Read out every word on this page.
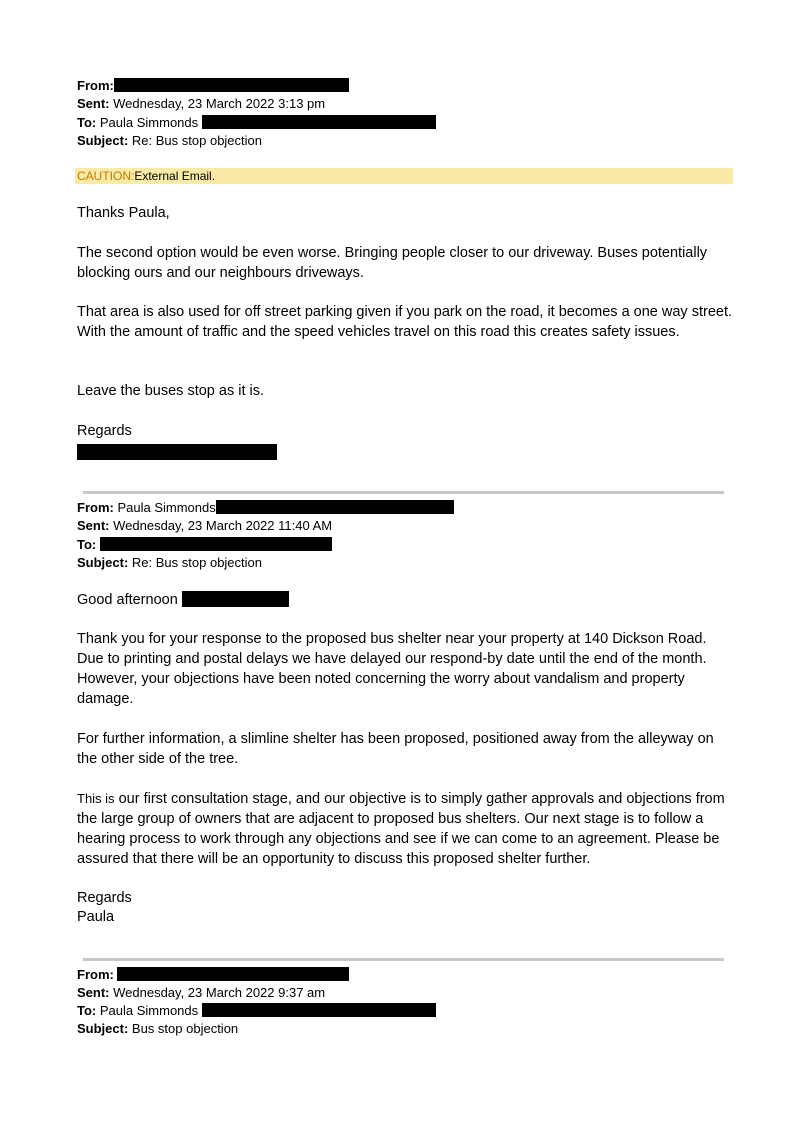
From:
Sent: Wednesday, 23 March 2022 3:13 pm
To: Paula Simmonds
Subject: Re: Bus stop objection
CAUTION:External Email.
Thanks Paula,
The second option would be even worse. Bringing people closer to our driveway. Buses potentially blocking ours and our neighbours driveways.
That area is also used for off street parking given if you park on the road, it becomes a one way street. With the amount of traffic and the speed vehicles travel on this road this creates safety issues.
Leave the buses stop as it is.
Regards
From: Paula Simmonds
Sent: Wednesday, 23 March 2022 11:40 AM
To:
Subject: Re: Bus stop objection
Good afternoon
Thank you for your response to the proposed bus shelter near your property at 140 Dickson Road. Due to printing and postal delays we have delayed our respond-by date until the end of the month. However, your objections have been noted concerning the worry about vandalism and property damage.
For further information, a slimline shelter has been proposed, positioned away from the alleyway on the other side of the tree.
This is our first consultation stage, and our objective is to simply gather approvals and objections from the large group of owners that are adjacent to proposed bus shelters. Our next stage is to follow a hearing process to work through any objections and see if we can come to an agreement. Please be assured that there will be an opportunity to discuss this proposed shelter further.
Regards
Paula
From:
Sent: Wednesday, 23 March 2022 9:37 am
To: Paula Simmonds
Subject: Bus stop objection
